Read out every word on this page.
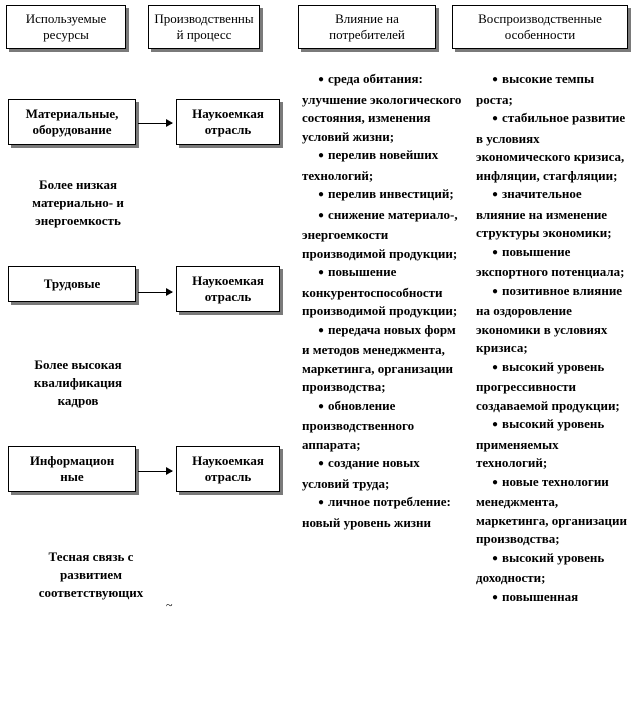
Используемые ресурсы
Производственный процесс
Влияние на потребителей
Воспроизводственные особенности
Материальные, оборудование
Наукоемкая отрасль
Более низкая материально- и энергоемкость
Трудовые	Наукоемкая отрасль
Более высокая квалификация кадров
Информационные
Наукоемкая отрасль
Тесная связь с развитием соответствующих
~
● среда обитания: улучшение экологического состояния, изменения условий жизни;
● перелив новейших технологий;
● перелив инвестиций;
● снижение материало-, энергоемкости производимой продукции;
● повышение конкурентоспособности производимой продукции;
● передача новых форм и методов менеджмента, маркетинга, организации производства;
● обновление производственного аппарата;
● создание новых условий труда;
● личное потребление: новый уровень жизни
● высокие темпы роста;
● стабильное развитие в условиях экономического кризиса, инфляции, стагфляции;
● значительное влияние на изменение структуры экономики;
● повышение экспортного потенциала;
● позитивное влияние на оздоровление экономики в условиях кризиса;
● высокий уровень прогрессивности создаваемой продукции;
● высокий уровень применяемых технологий;
● новые технологии менеджмента, маркетинга, организации производства;
● высокий уровень доходности;
● повышенная
